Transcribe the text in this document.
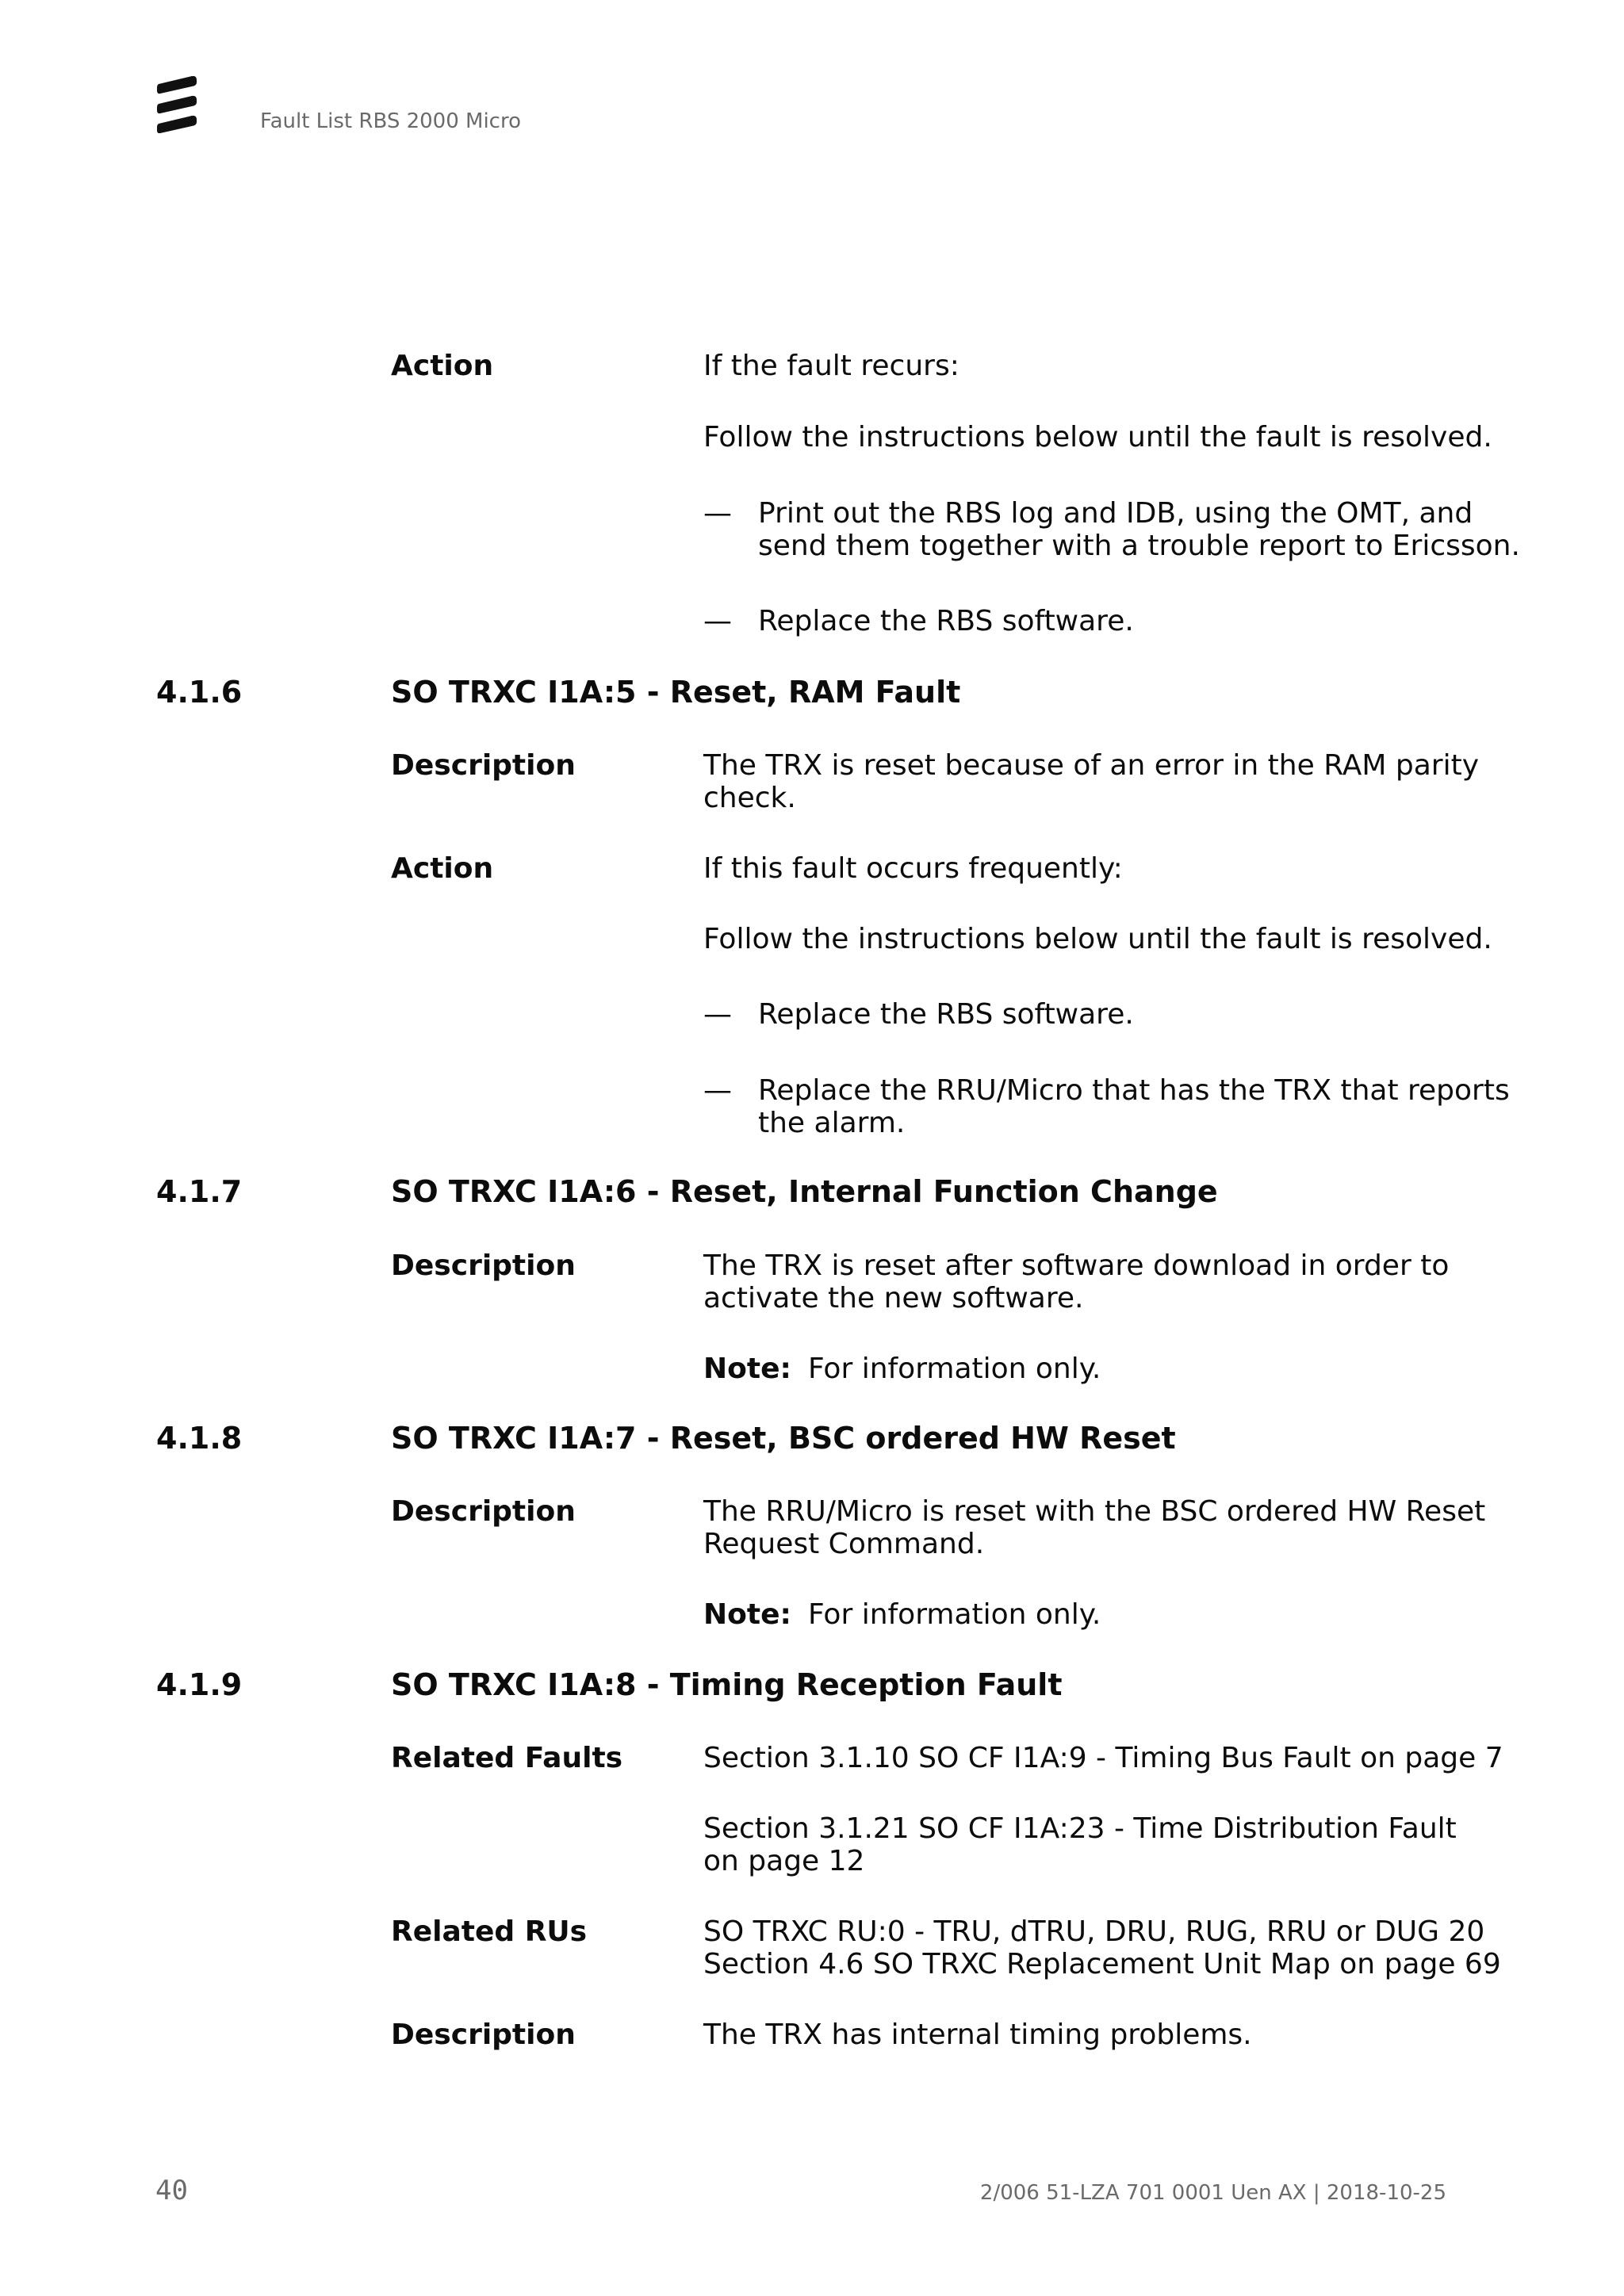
Fault List RBS 2000 Micro
Action	If the fault recurs:
Follow the instructions below until the fault is resolved.
— Print out the RBS log and IDB, using the OMT, and
send them together with a trouble report to Ericsson.
— Replace the RBS software.
4.1.6	SO TRXC I1A:5 - Reset, RAM Fault
Description	The TRX is reset because of an error in the RAM parity
check.
Action	If this fault occurs frequently:
Follow the instructions below until the fault is resolved.
— Replace the RBS software.
— Replace the RRU/Micro that has the TRX that reports
the alarm.
4.1.7	SO TRXC I1A:6 - Reset, Internal Function Change
Description	The TRX is reset after software download in order to
activate the new software.
Note: For information only.
4.1.8	SO TRXC I1A:7 - Reset, BSC ordered HW Reset
Description	The RRU/Micro is reset with the BSC ordered HW Reset
Request Command.
Note: For information only.
4.1.9	SO TRXC I1A:8 - Timing Reception Fault
Related Faults	Section 3.1.10 SO CF I1A:9 - Timing Bus Fault on page 7
Section 3.1.21 SO CF I1A:23 - Time Distribution Fault
on page 12
Related RUs	SO TRXC RU:0 - TRU, dTRU, DRU, RUG, RRU or DUG 20
Section 4.6 SO TRXC Replacement Unit Map on page 69
Description	The TRX has internal timing problems.
40	2/006 51-LZA 701 0001 Uen AX | 2018-10-25
